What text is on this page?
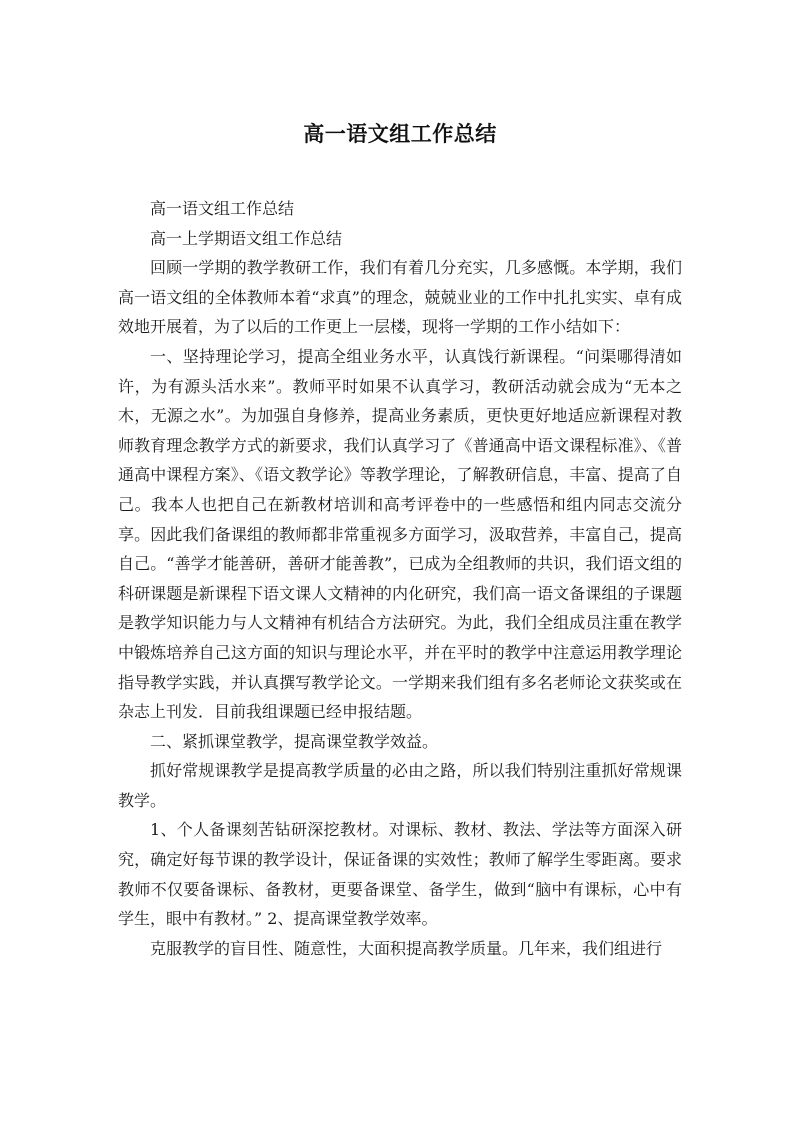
高一语文组工作总结

高一语文组工作总结

高一上学期语文组工作总结

回顾一学期的教学教研工作，我们有着几分充实，几多感慨。本学期，我们高一语文组的全体教师本着“求真”的理念，兢兢业业的工作中扎扎实实、卓有成效地开展着，为了以后的工作更上一层楼，现将一学期的工作小结如下：

一、坚持理论学习，提高全组业务水平，认真饯行新课程。“问渠哪得清如许，为有源头活水来”。教师平时如果不认真学习，教研活动就会成为“无本之木，无源之水”。为加强自身修养，提高业务素质，更快更好地适应新课程对教师教育理念教学方式的新要求，我们认真学习了《普通高中语文课程标准》、《普通高中课程方案》、《语文教学论》等教学理论，了解教研信息，丰富、提高了自己。我本人也把自己在新教材培训和高考评卷中的一些感悟和组内同志交流分享。因此我们备课组的教师都非常重视多方面学习，汲取营养，丰富自己，提高自己。“善学才能善研，善研才能善教”，已成为全组教师的共识，我们语文组的科研课题是新课程下语文课人文精神的内化研究，我们高一语文备课组的子课题是教学知识能力与人文精神有机结合方法研究。为此，我们全组成员注重在教学中锻炼培养自己这方面的知识与理论水平，并在平时的教学中注意运用教学理论指导教学实践，并认真撰写教学论文。一学期来我们组有多名老师论文获奖或在杂志上刊发．目前我组课题已经申报结题。

二、紧抓课堂教学，提高课堂教学效益。

抓好常规课教学是提高教学质量的必由之路，所以我们特别注重抓好常规课教学。

1、个人备课刻苦钻研深挖教材。对课标、教材、教法、学法等方面深入研究，确定好每节课的教学设计，保证备课的实效性；教师了解学生零距离。要求教师不仅要备课标、备教材，更要备课堂、备学生，做到“脑中有课标，心中有学生，眼中有教材。” 2、提高课堂教学效率。

克服教学的盲目性、随意性，大面积提高教学质量。几年来，我们组进行
